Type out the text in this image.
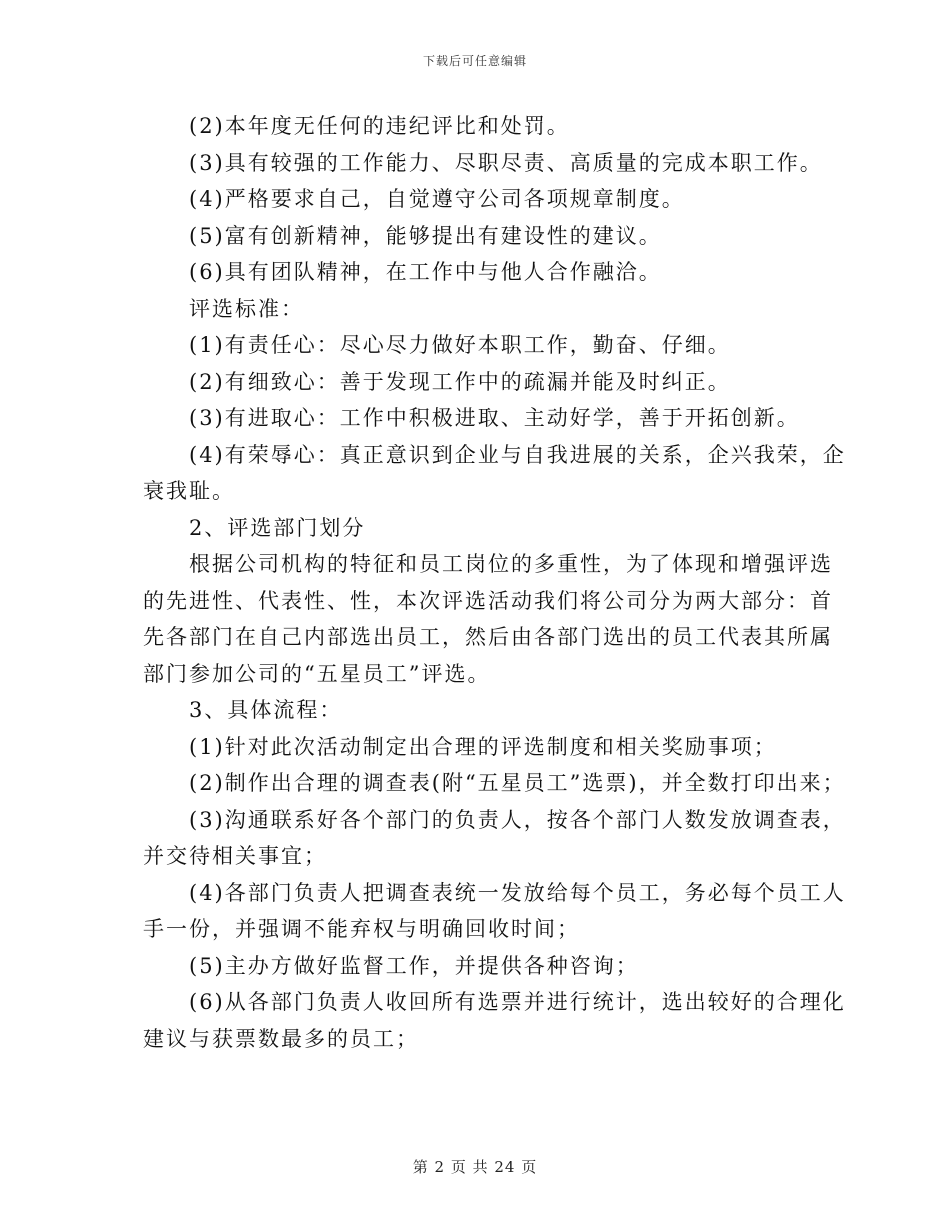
下载后可任意编辑
(2)本年度无任何的违纪评比和处罚。
(3)具有较强的工作能力、尽职尽责、高质量的完成本职工作。
(4)严格要求自己，自觉遵守公司各项规章制度。
(5)富有创新精神，能够提出有建设性的建议。
(6)具有团队精神，在工作中与他人合作融洽。
评选标准：
(1)有责任心：尽心尽力做好本职工作，勤奋、仔细。
(2)有细致心：善于发现工作中的疏漏并能及时纠正。
(3)有进取心：工作中积极进取、主动好学，善于开拓创新。
(4)有荣辱心：真正意识到企业与自我进展的关系，企兴我荣，企
衰我耻。
2、评选部门划分
根据公司机构的特征和员工岗位的多重性，为了体现和增强评选
的先进性、代表性、性，本次评选活动我们将公司分为两大部分：首
先各部门在自己内部选出员工，然后由各部门选出的员工代表其所属
部门参加公司的“五星员工”评选。
3、具体流程：
(1)针对此次活动制定出合理的评选制度和相关奖励事项；
(2)制作出合理的调查表(附“五星员工”选票)，并全数打印出来；
(3)沟通联系好各个部门的负责人，按各个部门人数发放调查表，
并交待相关事宜；
(4)各部门负责人把调查表统一发放给每个员工，务必每个员工人
手一份，并强调不能弃权与明确回收时间；
(5)主办方做好监督工作，并提供各种咨询；
(6)从各部门负责人收回所有选票并进行统计，选出较好的合理化
建议与获票数最多的员工；
第 2 页 共 24 页
